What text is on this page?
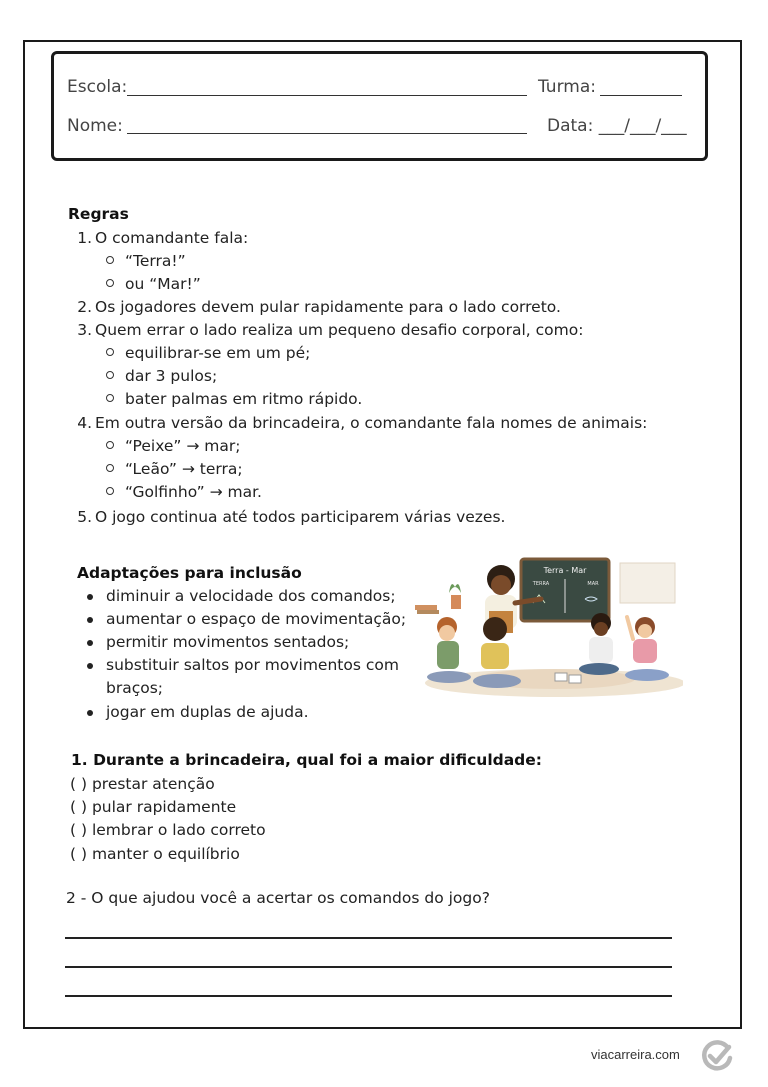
Escola:	Turma:
Nome:	Data: ___/___/___
Regras
1. O comandante fala:
“Terra!”
ou “Mar!”
2. Os jogadores devem pular rapidamente para o lado correto.
3. Quem errar o lado realiza um pequeno desafio corporal, como:
equilibrar-se em um pé;
dar 3 pulos;
bater palmas em ritmo rápido.
4. Em outra versão da brincadeira, o comandante fala nomes de animais:
“Peixe” → mar;
“Leão” → terra;
“Golfinho” → mar.
5. O jogo continua até todos participarem várias vezes.
Adaptações para inclusão
diminuir a velocidade dos comandos;
aumentar o espaço de movimentação;
permitir movimentos sentados;
substituir saltos por movimentos com
braços;
jogar em duplas de ajuda.
Terra - Mar
TERRA	MAR
1. Durante a brincadeira, qual foi a maior dificuldade:
( ) prestar atenção
( ) pular rapidamente
( ) lembrar o lado correto
( ) manter o equilíbrio
2 - O que ajudou você a acertar os comandos do jogo?
viacarreira.com
